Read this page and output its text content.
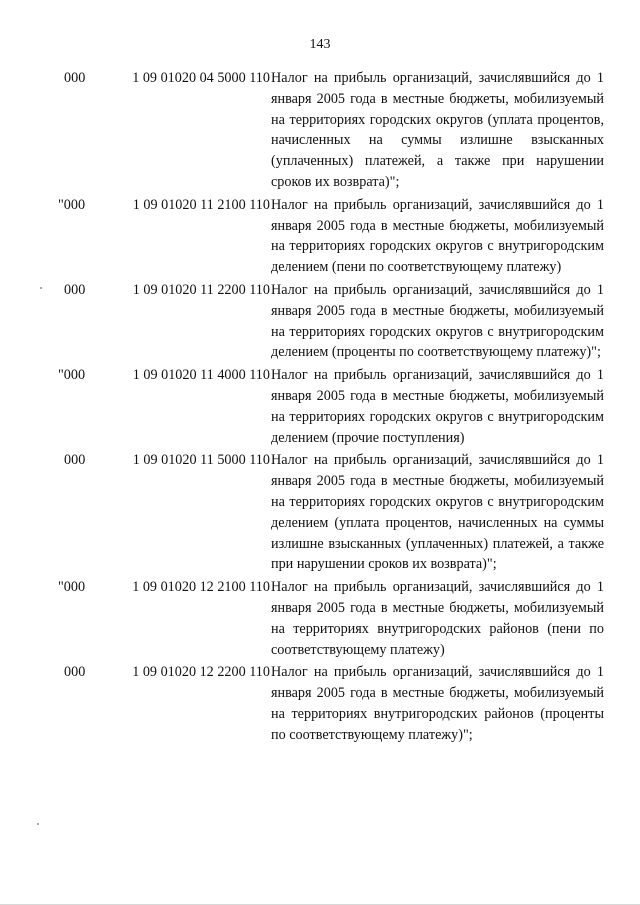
143
000	1 09 01020 04 5000 110 Налог на прибыль организаций, зачислявшийся до 1 января 2005 года в местные бюджеты, мобилизуемый на территориях городских округов (уплата процентов, начисленных на суммы излишне взысканных (уплаченных) платежей, а также при нарушении сроков их возврата)";
"000	1 09 01020 11 2100 110 Налог на прибыль организаций, зачислявшийся до 1 января 2005 года в местные бюджеты, мобилизуемый на территориях городских округов с внутригородским делением (пени по соответствующему платежу)
000	1 09 01020 11 2200 110 Налог на прибыль организаций, зачислявшийся до 1 января 2005 года в местные бюджеты, мобилизуемый на территориях городских округов с внутригородским делением (проценты по соответствующему платежу)";
"000	1 09 01020 11 4000 110 Налог на прибыль организаций, зачислявшийся до 1 января 2005 года в местные бюджеты, мобилизуемый на территориях городских округов с внутригородским делением (прочие поступления)
000	1 09 01020 11 5000 110 Налог на прибыль организаций, зачислявшийся до 1 января 2005 года в местные бюджеты, мобилизуемый на территориях городских округов с внутригородским делением (уплата процентов, начисленных на суммы излишне взысканных (уплаченных) платежей, а также при нарушении сроков их возврата)";
"000	1 09 01020 12 2100 110 Налог на прибыль организаций, зачислявшийся до 1 января 2005 года в местные бюджеты, мобилизуемый на территориях внутригородских районов (пени по соответствующему платежу)
000	1 09 01020 12 2200 110 Налог на прибыль организаций, зачислявшийся до 1 января 2005 года в местные бюджеты, мобилизуемый на территориях внутригородских районов (проценты по соответствующему платежу)";
